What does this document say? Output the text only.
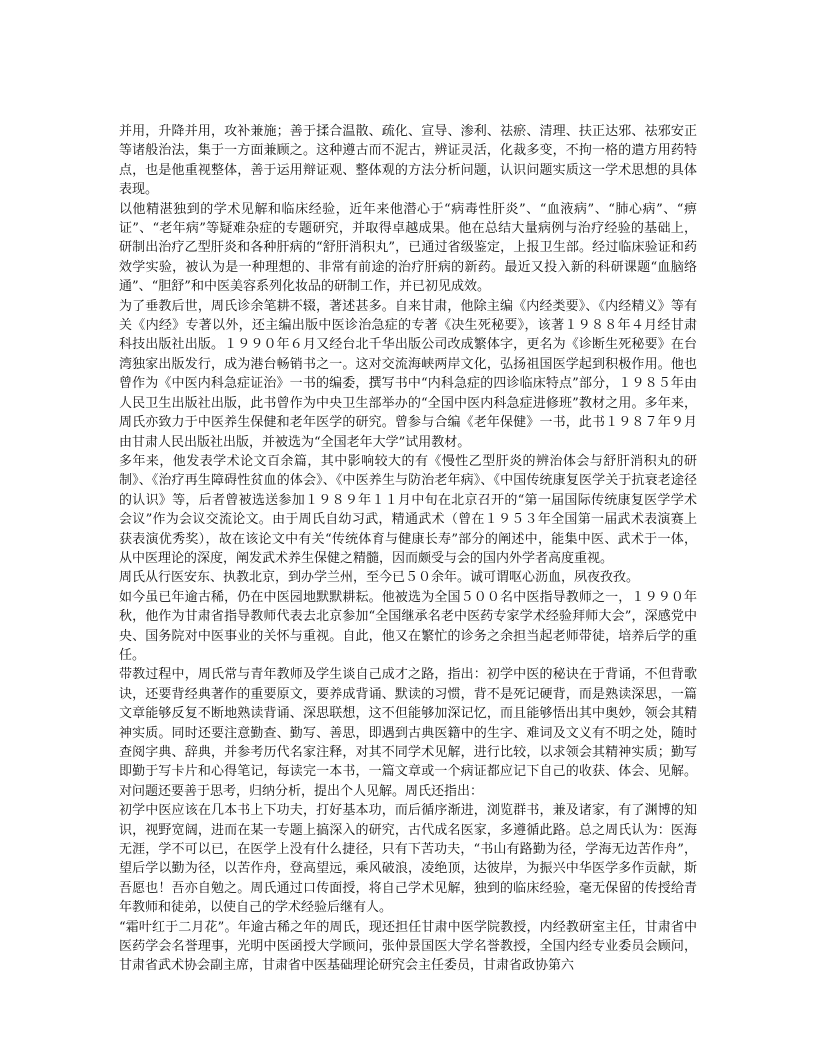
并用，升降并用，攻补兼施；善于揉合温散、疏化、宣导、渗利、祛瘀、清理、扶正达邪、祛邪安正等诸般治法，集于一方面兼顾之。这种遵古而不泥古，辨证灵活，化裁多变，不拘一格的遣方用药特点，也是他重视整体，善于运用辩证观、整体观的方法分析问题，认识问题实质这一学术思想的具体表现。

以他精湛独到的学术见解和临床经验，近年来他潜心于“病毒性肝炎”、“血液病”、“肺心病”、“痹证”、“老年病”等疑难杂症的专题研究，并取得卓越成果。他在总结大量病例与治疗经验的基础上，研制出治疗乙型肝炎和各种肝病的“舒肝消积丸”，已通过省级鉴定，上报卫生部。经过临床验证和药效学实验，被认为是一种理想的、非常有前途的治疗肝病的新药。最近又投入新的科研课题“血脑络通”、“胆舒”和中医美容系列化妆品的研制工作，并已初见成效。

为了垂教后世，周氏诊余笔耕不辍，著述甚多。自来甘肃，他除主编《内经类要》、《内经精义》等有关《内经》专著以外，还主编出版中医诊治急症的专著《决生死秘要》，该著１９８８年４月经甘肃科技出版社出版。１９９０年６月又经台北千华出版公司改成繁体字，更名为《诊断生死秘要》在台湾独家出版发行，成为港台畅销书之一。这对交流海峡两岸文化，弘扬祖国医学起到积极作用。他也曾作为《中医内科急症证治》一书的编委，撰写书中“内科急症的四诊临床特点”部分，１９８５年由人民卫生出版社出版，此书曾作为中央卫生部举办的“全国中医内科急症进修班”教材之用。多年来，周氏亦致力于中医养生保健和老年医学的研究。曾参与合编《老年保健》一书，此书１９８７年９月由甘肃人民出版社出版，并被选为“全国老年大学”试用教材。

多年来，他发表学术论文百余篇，其中影响较大的有《慢性乙型肝炎的辨治体会与舒肝消积丸的研制》、《治疗再生障碍性贫血的体会》、《中医养生与防治老年病》、《中国传统康复医学关于抗衰老途径的认识》等，后者曾被选送参加１９８９年１１月中旬在北京召开的“第一届国际传统康复医学学术会议”作为会议交流论文。由于周氏自幼习武，精通武术（曾在１９５３年全国第一届武术表演赛上获表演优秀奖），故在该论文中有关“传统体育与健康长寿”部分的阐述中，能集中医、武术于一体，从中医理论的深度，阐发武术养生保健之精髓，因而颇受与会的国内外学者高度重视。

周氏从行医安东、执教北京，到办学兰州，至今已５０余年。诚可谓呕心沥血，夙夜孜孜。

如今虽已年逾古稀，仍在中医园地默默耕耘。他被选为全国５００名中医指导教师之一，１９９０年秋，他作为甘肃省指导教师代表去北京参加“全国继承名老中医药专家学术经验拜师大会”，深感党中央、国务院对中医事业的关怀与重视。自此，他又在繁忙的诊务之余担当起老师带徒，培养后学的重任。

带教过程中，周氏常与青年教师及学生谈自己成才之路，指出：初学中医的秘诀在于背诵，不但背歌诀，还要背经典著作的重要原文，要养成背诵、默读的习惯，背不是死记硬背，而是熟读深思，一篇文章能够反复不断地熟读背诵、深思联想，这不但能够加深记忆，而且能够悟出其中奥妙，领会其精神实质。同时还要注意勤查、勤写、善思，即遇到古典医籍中的生字、难词及文义有不明之处，随时查阅字典、辞典，并参考历代名家注释，对其不同学术见解，进行比较，以求领会其精神实质；勤写即勤于写卡片和心得笔记，每读完一本书，一篇文章或一个病证都应记下自己的收获、体会、见解。对问题还要善于思考，归纳分析，提出个人见解。周氏还指出：

初学中医应该在几本书上下功夫，打好基本功，而后循序渐进，浏览群书，兼及诸家，有了渊博的知识，视野宽阔，进而在某一专题上搞深入的研究，古代成名医家，多遵循此路。总之周氏认为：医海无涯，学不可以已，在医学上没有什么捷径，只有下苦功夫，“书山有路勤为径，学海无边苦作舟”，望后学以勤为径，以苦作舟，登高望远，乘风破浪，凌绝顶，达彼岸，为振兴中华医学多作贡献，斯吾愿也！吾亦自勉之。周氏通过口传面授，将自己学术见解，独到的临床经验，毫无保留的传授给青年教师和徒弟，以使自己的学术经验后继有人。

“霜叶红于二月花”。年逾古稀之年的周氏，现还担任甘肃中医学院教授，内经教研室主任，甘肃省中医药学会名誉理事，光明中医函授大学顾问，张仲景国医大学名誉教授，全国内经专业委员会顾问，甘肃省武术协会副主席，甘肃省中医基础理论研究会主任委员，甘肃省政协第六
